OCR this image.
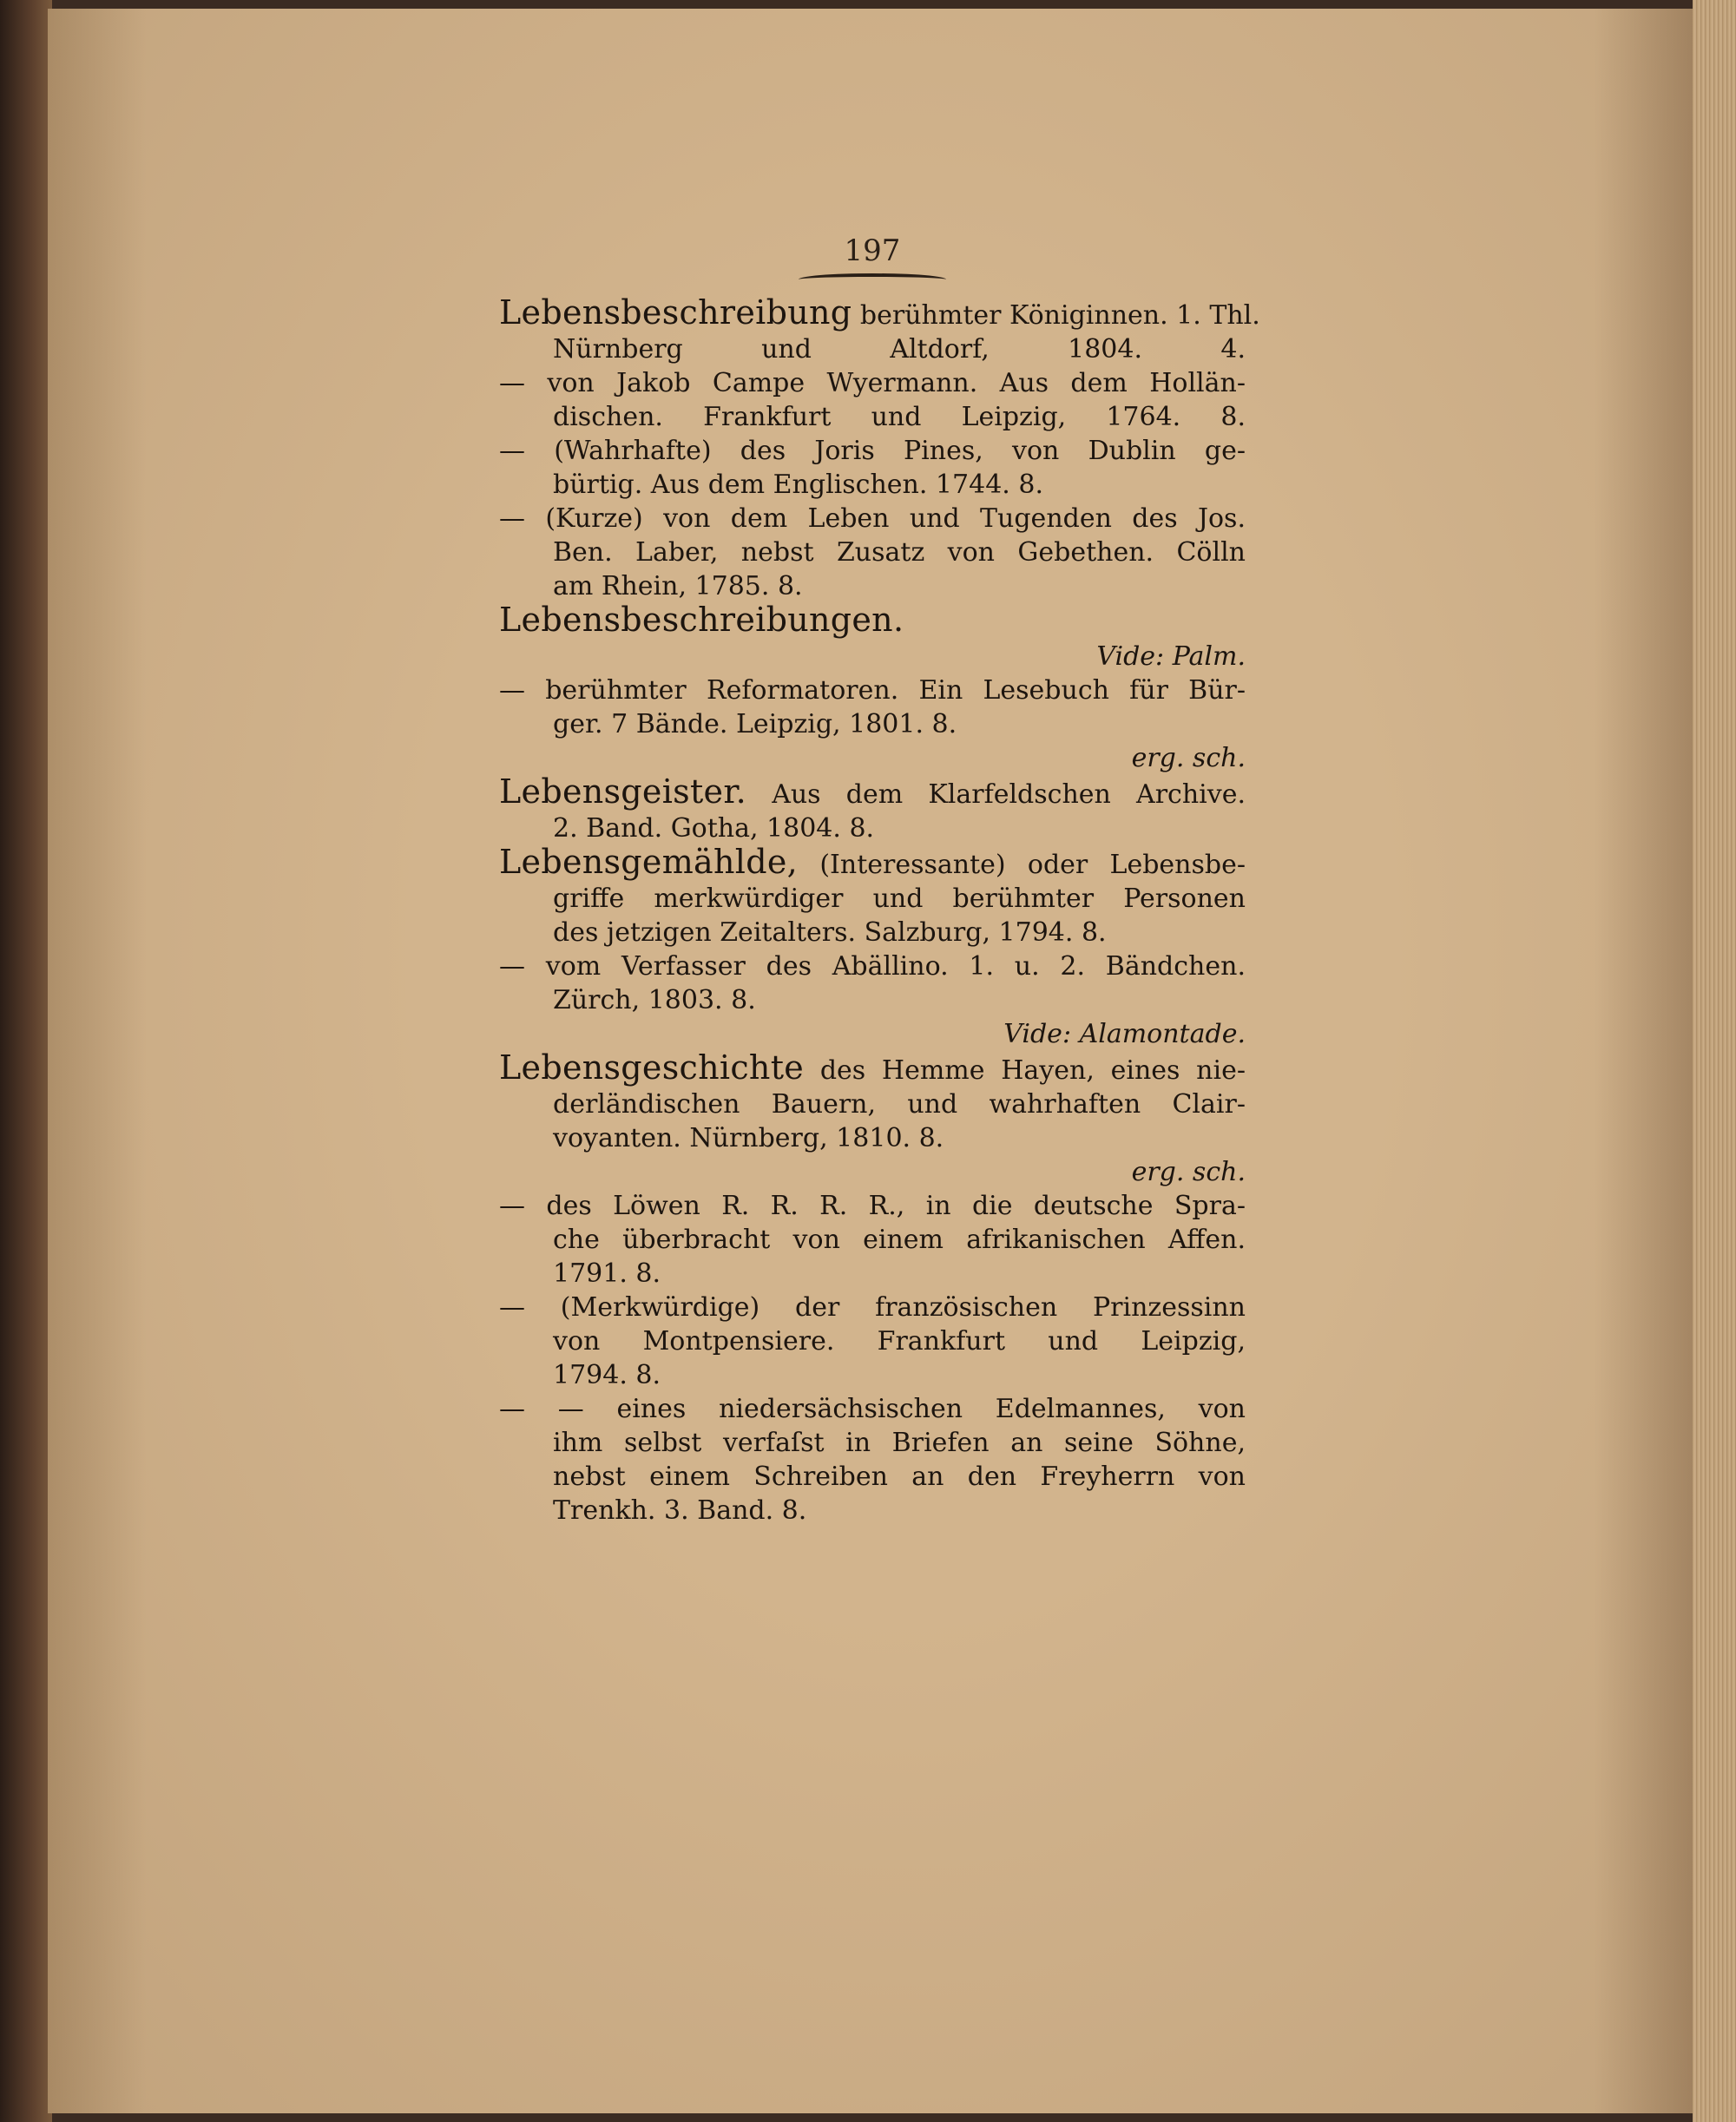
197
Lebensbeschreibung berühmter Königinnen. 1. Thl.
Nürnberg und Altdorf, 1804. 4.
— von Jakob Campe Wyermann. Aus dem Hollän-
dischen. Frankfurt und Leipzig, 1764. 8.
— (Wahrhafte) des Joris Pines, von Dublin ge-
bürtig. Aus dem Englischen. 1744. 8.
— (Kurze) von dem Leben und Tugenden des Jos.
Ben. Laber, nebst Zusatz von Gebethen. Cölln
am Rhein, 1785. 8.
Lebensbeschreibungen.
Vide: Palm.
— berühmter Reformatoren. Ein Lesebuch für Bür-
ger. 7 Bände. Leipzig, 1801. 8.
erg. sch.
Lebensgeister. Aus dem Klarfeldschen Archive.
2. Band. Gotha, 1804. 8.
Lebensgemählde, (Interessante) oder Lebensbe-
griffe merkwürdiger und berühmter Personen
des jetzigen Zeitalters. Salzburg, 1794. 8.
— vom Verfasser des Abällino. 1. u. 2. Bändchen.
Zürch, 1803. 8.
Vide: Alamontade.
Lebensgeschichte des Hemme Hayen, eines nie-
derländischen Bauern, und wahrhaften Clair-
voyanten. Nürnberg, 1810. 8.
erg. sch.
— des Löwen R. R. R. R., in die deutsche Spra-
che überbracht von einem afrikanischen Affen.
1791. 8.
— (Merkwürdige) der französischen Prinzessinn
von Montpensiere. Frankfurt und Leipzig,
1794. 8.
— — eines niedersächsischen Edelmannes, von
ihm selbst verfaſst in Briefen an seine Söhne,
nebst einem Schreiben an den Freyherrn von
Trenkh. 3. Band. 8.
